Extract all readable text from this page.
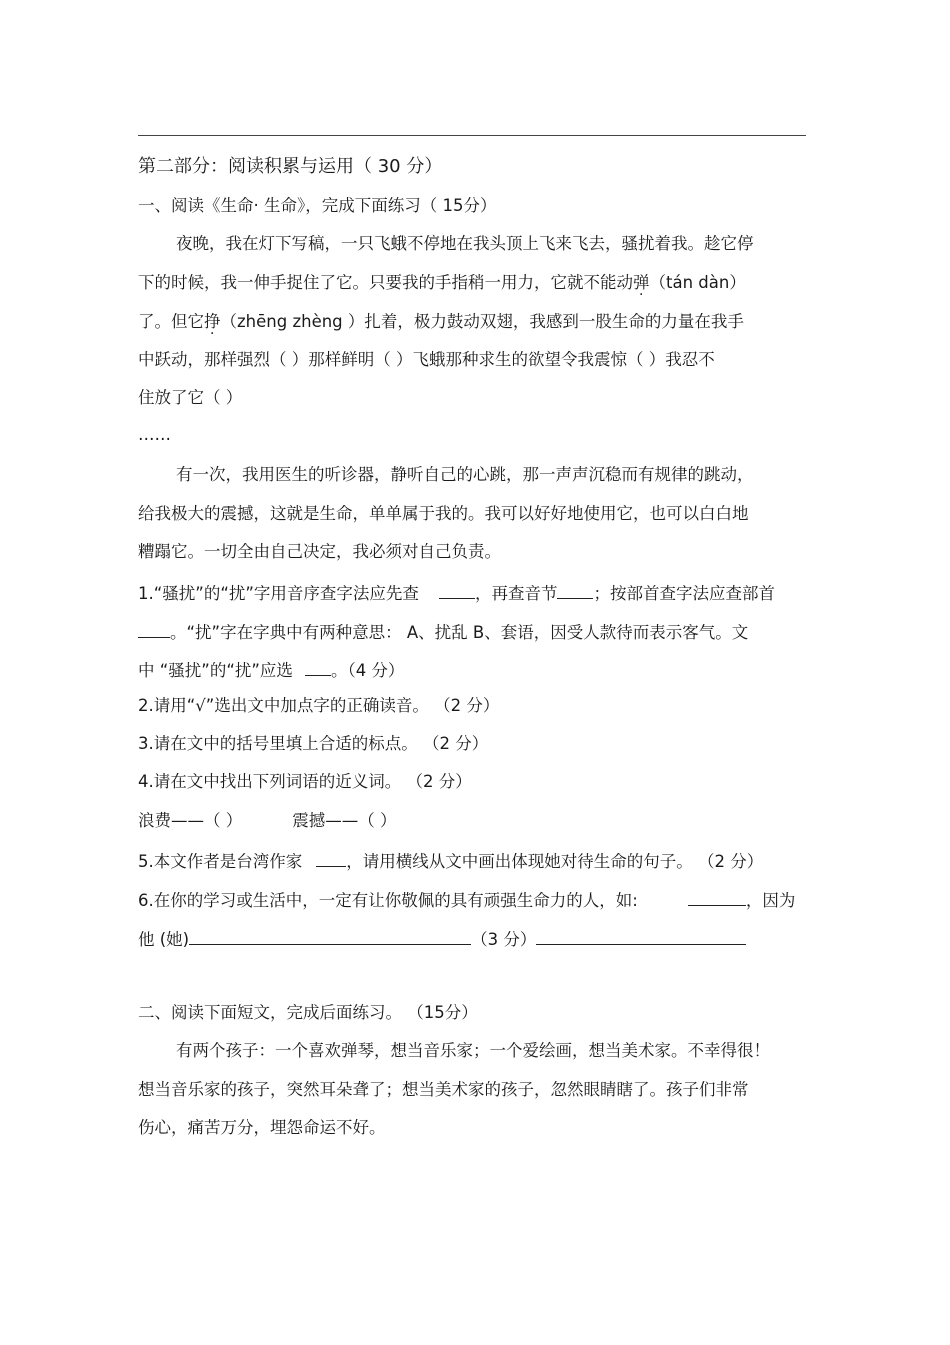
第二部分：阅读积累与运用（ 30 分）
一、阅读《生命· 生命》，完成下面练习（ 15分）
夜晚，我在灯下写稿，一只飞蛾不停地在我头顶上飞来飞去，骚扰着我。趁它停
下的时候，我一伸手捉住了它。只要我的手指稍一用力，它就不能动弹（tán dàn）
了。但它挣（zhēng zhèng ）扎着，极力鼓动双翅，我感到一股生命的力量在我手
中跃动，那样强烈（ ）那样鲜明（ ）飞蛾那种求生的欲望令我震惊（ ）我忍不
住放了它（ ）
……
有一次，我用医生的听诊器，静听自己的心跳，那一声声沉稳而有规律的跳动，
给我极大的震撼，这就是生命，单单属于我的。我可以好好地使用它，也可以白白地
糟蹋它。一切全由自己决定，我必须对自己负责。
1.“骚扰”的“扰”字用音序查字法应先查	，再查音节 ；按部首查字法应查部首
。“扰”字在字典中有两种意思： A、扰乱 B、套语，因受人款待而表示客气。文
中 “骚扰”的“扰”应选 。（4 分）
2.请用“√”选出文中加点字的正确读音。 （2 分）
3.请在文中的括号里填上合适的标点。 （2 分）
4.请在文中找出下列词语的近义词。 （2 分）
浪费——（ ）	震撼——（ ）
5.本文作者是台湾作家	，请用横线从文中画出体现她对待生命的句子。 （2 分）
6.在你的学习或生活中，一定有让你敬佩的具有顽强生命力的人，如:	，因为
他 (她)	（3 分）
二、阅读下面短文，完成后面练习。 （15分）
有两个孩子：一个喜欢弹琴，想当音乐家；一个爱绘画，想当美术家。不幸得很！
想当音乐家的孩子，突然耳朵聋了；想当美术家的孩子，忽然眼睛瞎了。孩子们非常
伤心，痛苦万分，埋怨命运不好。
